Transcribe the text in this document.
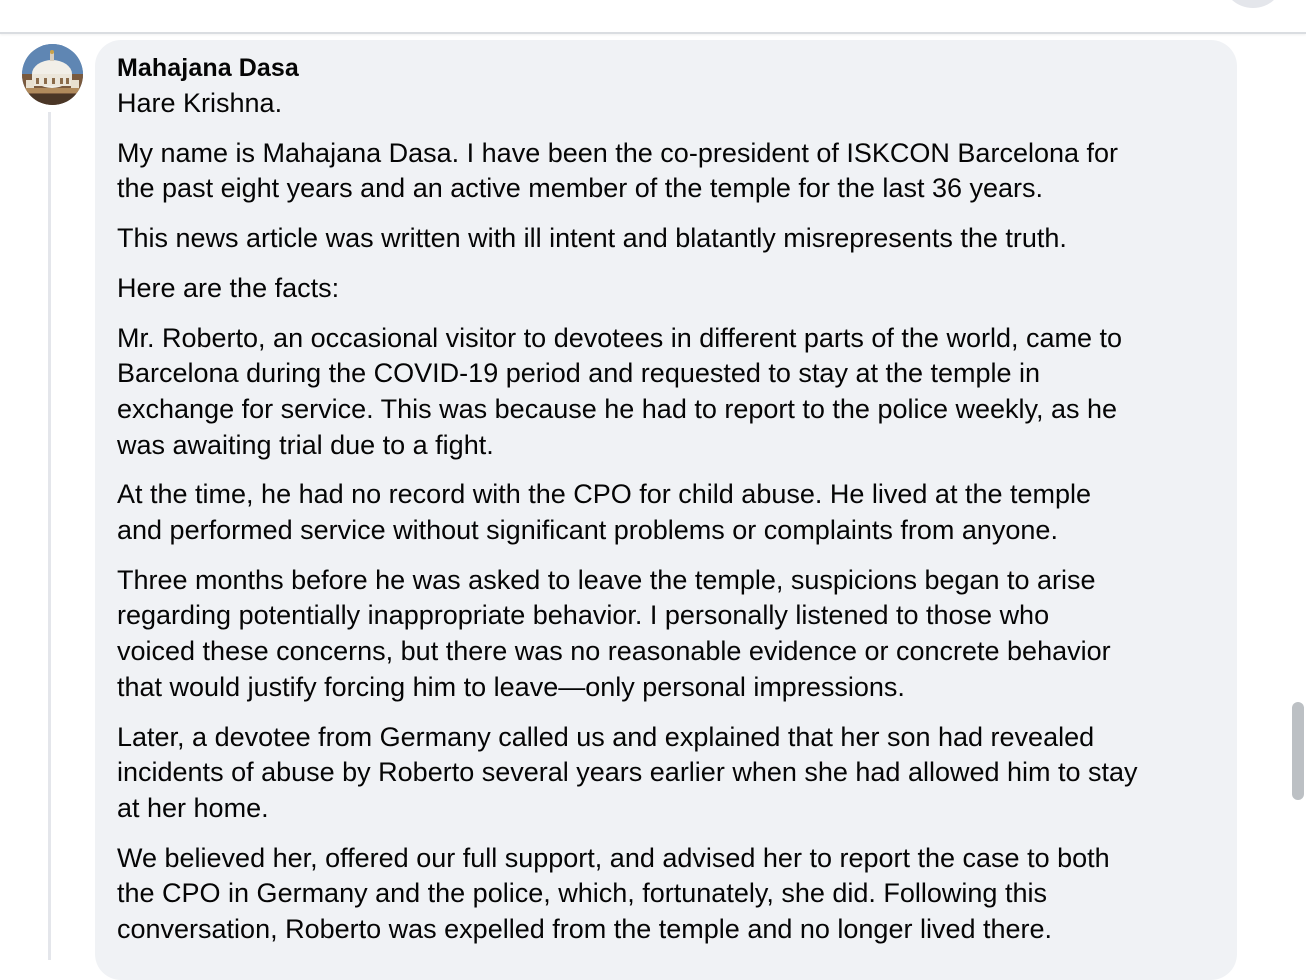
Mahajana Dasa

Hare Krishna.

My name is Mahajana Dasa. I have been the co-president of ISKCON Barcelona for
the past eight years and an active member of the temple for the last 36 years.

This news article was written with ill intent and blatantly misrepresents the truth.

Here are the facts:

Mr. Roberto, an occasional visitor to devotees in different parts of the world, came to
Barcelona during the COVID-19 period and requested to stay at the temple in
exchange for service. This was because he had to report to the police weekly, as he
was awaiting trial due to a fight.

At the time, he had no record with the CPO for child abuse. He lived at the temple
and performed service without significant problems or complaints from anyone.

Three months before he was asked to leave the temple, suspicions began to arise
regarding potentially inappropriate behavior. I personally listened to those who
voiced these concerns, but there was no reasonable evidence or concrete behavior
that would justify forcing him to leave—only personal impressions.

Later, a devotee from Germany called us and explained that her son had revealed
incidents of abuse by Roberto several years earlier when she had allowed him to stay
at her home.

We believed her, offered our full support, and advised her to report the case to both
the CPO in Germany and the police, which, fortunately, she did. Following this
conversation, Roberto was expelled from the temple and no longer lived there.
